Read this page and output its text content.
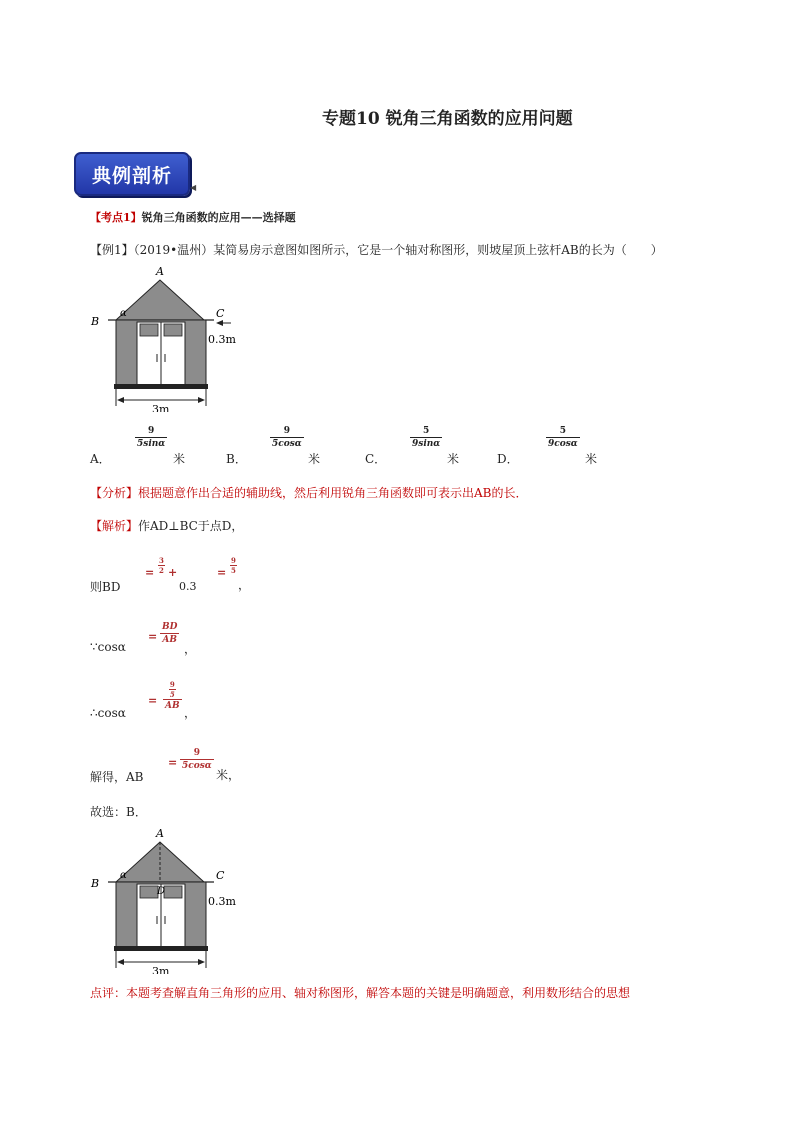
专题10 锐角三角函数的应用问题
典例剖析
◀
【考点1】锐角三角函数的应用——选择题
【例1】（2019•温州）某简易房示意图如图所示，它是一个轴对称图形，则坡屋顶上弦杆AB的长为（　　）
A
B
C
α
0.3m
3m
A．
$\frac{9}{5\sin\alpha}$
米	B．
$\frac{9}{5\cos\alpha}$
米	C．
$\frac{5}{9\sin\alpha}$
米	D．
$\frac{5}{9\cos\alpha}$
米
【分析】根据题意作出合适的辅助线，然后利用锐角三角函数即可表示出AB的长．
【解析】作AD⊥BC于点D，
则BD
= $\frac{3}{2}$ +
0.3
= $\frac{9}{5}$
，
∵cosα
= $\frac{BD}{AB}$
，
∴cosα
=
$\frac{9}{5}$
AB ，
解得，AB
= $\frac{9}{5\cos\alpha}$
米，
故选：B．
A
B
C
D
α
0.3m
3m
点评：本题考查解直角三角形的应用、轴对称图形，解答本题的关键是明确题意，利用数形结合的思想
